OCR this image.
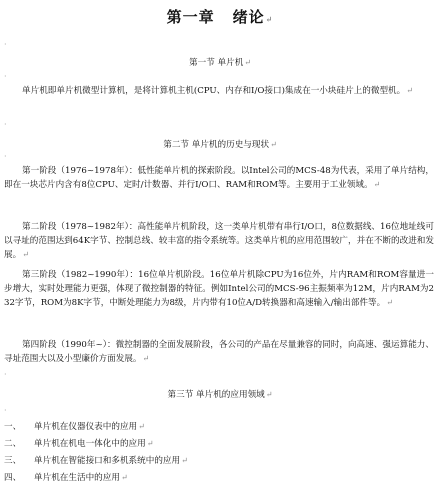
第一章 绪论↵
·
第一节 单片机↵
·
单片机即单片机微型计算机，是将计算机主机(CPU、内存和I/O接口)集成在一小块硅片上的微型机。↵
·
第二节 单片机的历史与现状↵
·
第一阶段（1976~1978年）：低性能单片机的探索阶段。以Intel公司的MCS-48为代表，采用了单片结构，即在一块芯片内含有8位CPU、定时/计数器、并行I/O口、RAM和ROM等。主要用于工业领域。↵
第二阶段（1978~1982年）：高性能单片机阶段，这一类单片机带有串行I/O口，8位数据线、16位地址线可以寻址的范围达到64K字节、控制总线、较丰富的指令系统等。这类单片机的应用范围较广，并在不断的改进和发展。↵
第三阶段（1982~1990年）：16位单片机阶段。16位单片机除CPU为16位外，片内RAM和ROM容量进一步增大，实时处理能力更强，体现了微控制器的特征。例如Intel公司的MCS-96主振频率为12M，片内RAM为232字节，ROM为8K字节，中断处理能力为8级，片内带有10位A/D转换器和高速输入/输出部件等。↵
第四阶段（1990年~）：微控制器的全面发展阶段，各公司的产品在尽量兼容的同时，向高速、强运算能力、寻址范围大以及小型廉价方面发展。↵
·
第三节 单片机的应用领域↵
·
一、 单片机在仪器仪表中的应用↵
二、 单片机在机电一体化中的应用↵
三、 单片机在智能接口和多机系统中的应用↵
四、 单片机在生活中的应用↵
